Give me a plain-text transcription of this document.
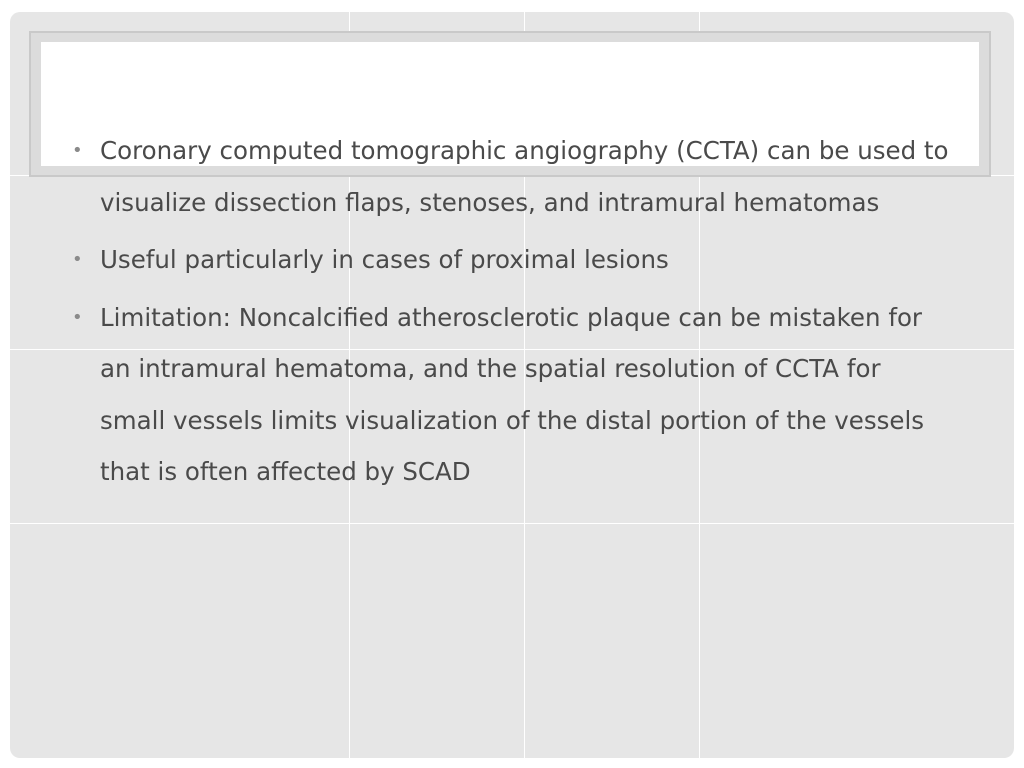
• Coronary computed tomographic angiography (CCTA) can be used to visualize dissection flaps, stenoses, and intramural hematomas
• Useful particularly in cases of proximal lesions
• Limitation: Noncalcified atherosclerotic plaque can be mistaken for an intramural hematoma, and the spatial resolution of CCTA for small vessels limits visualization of the distal portion of the vessels that is often affected by SCAD
